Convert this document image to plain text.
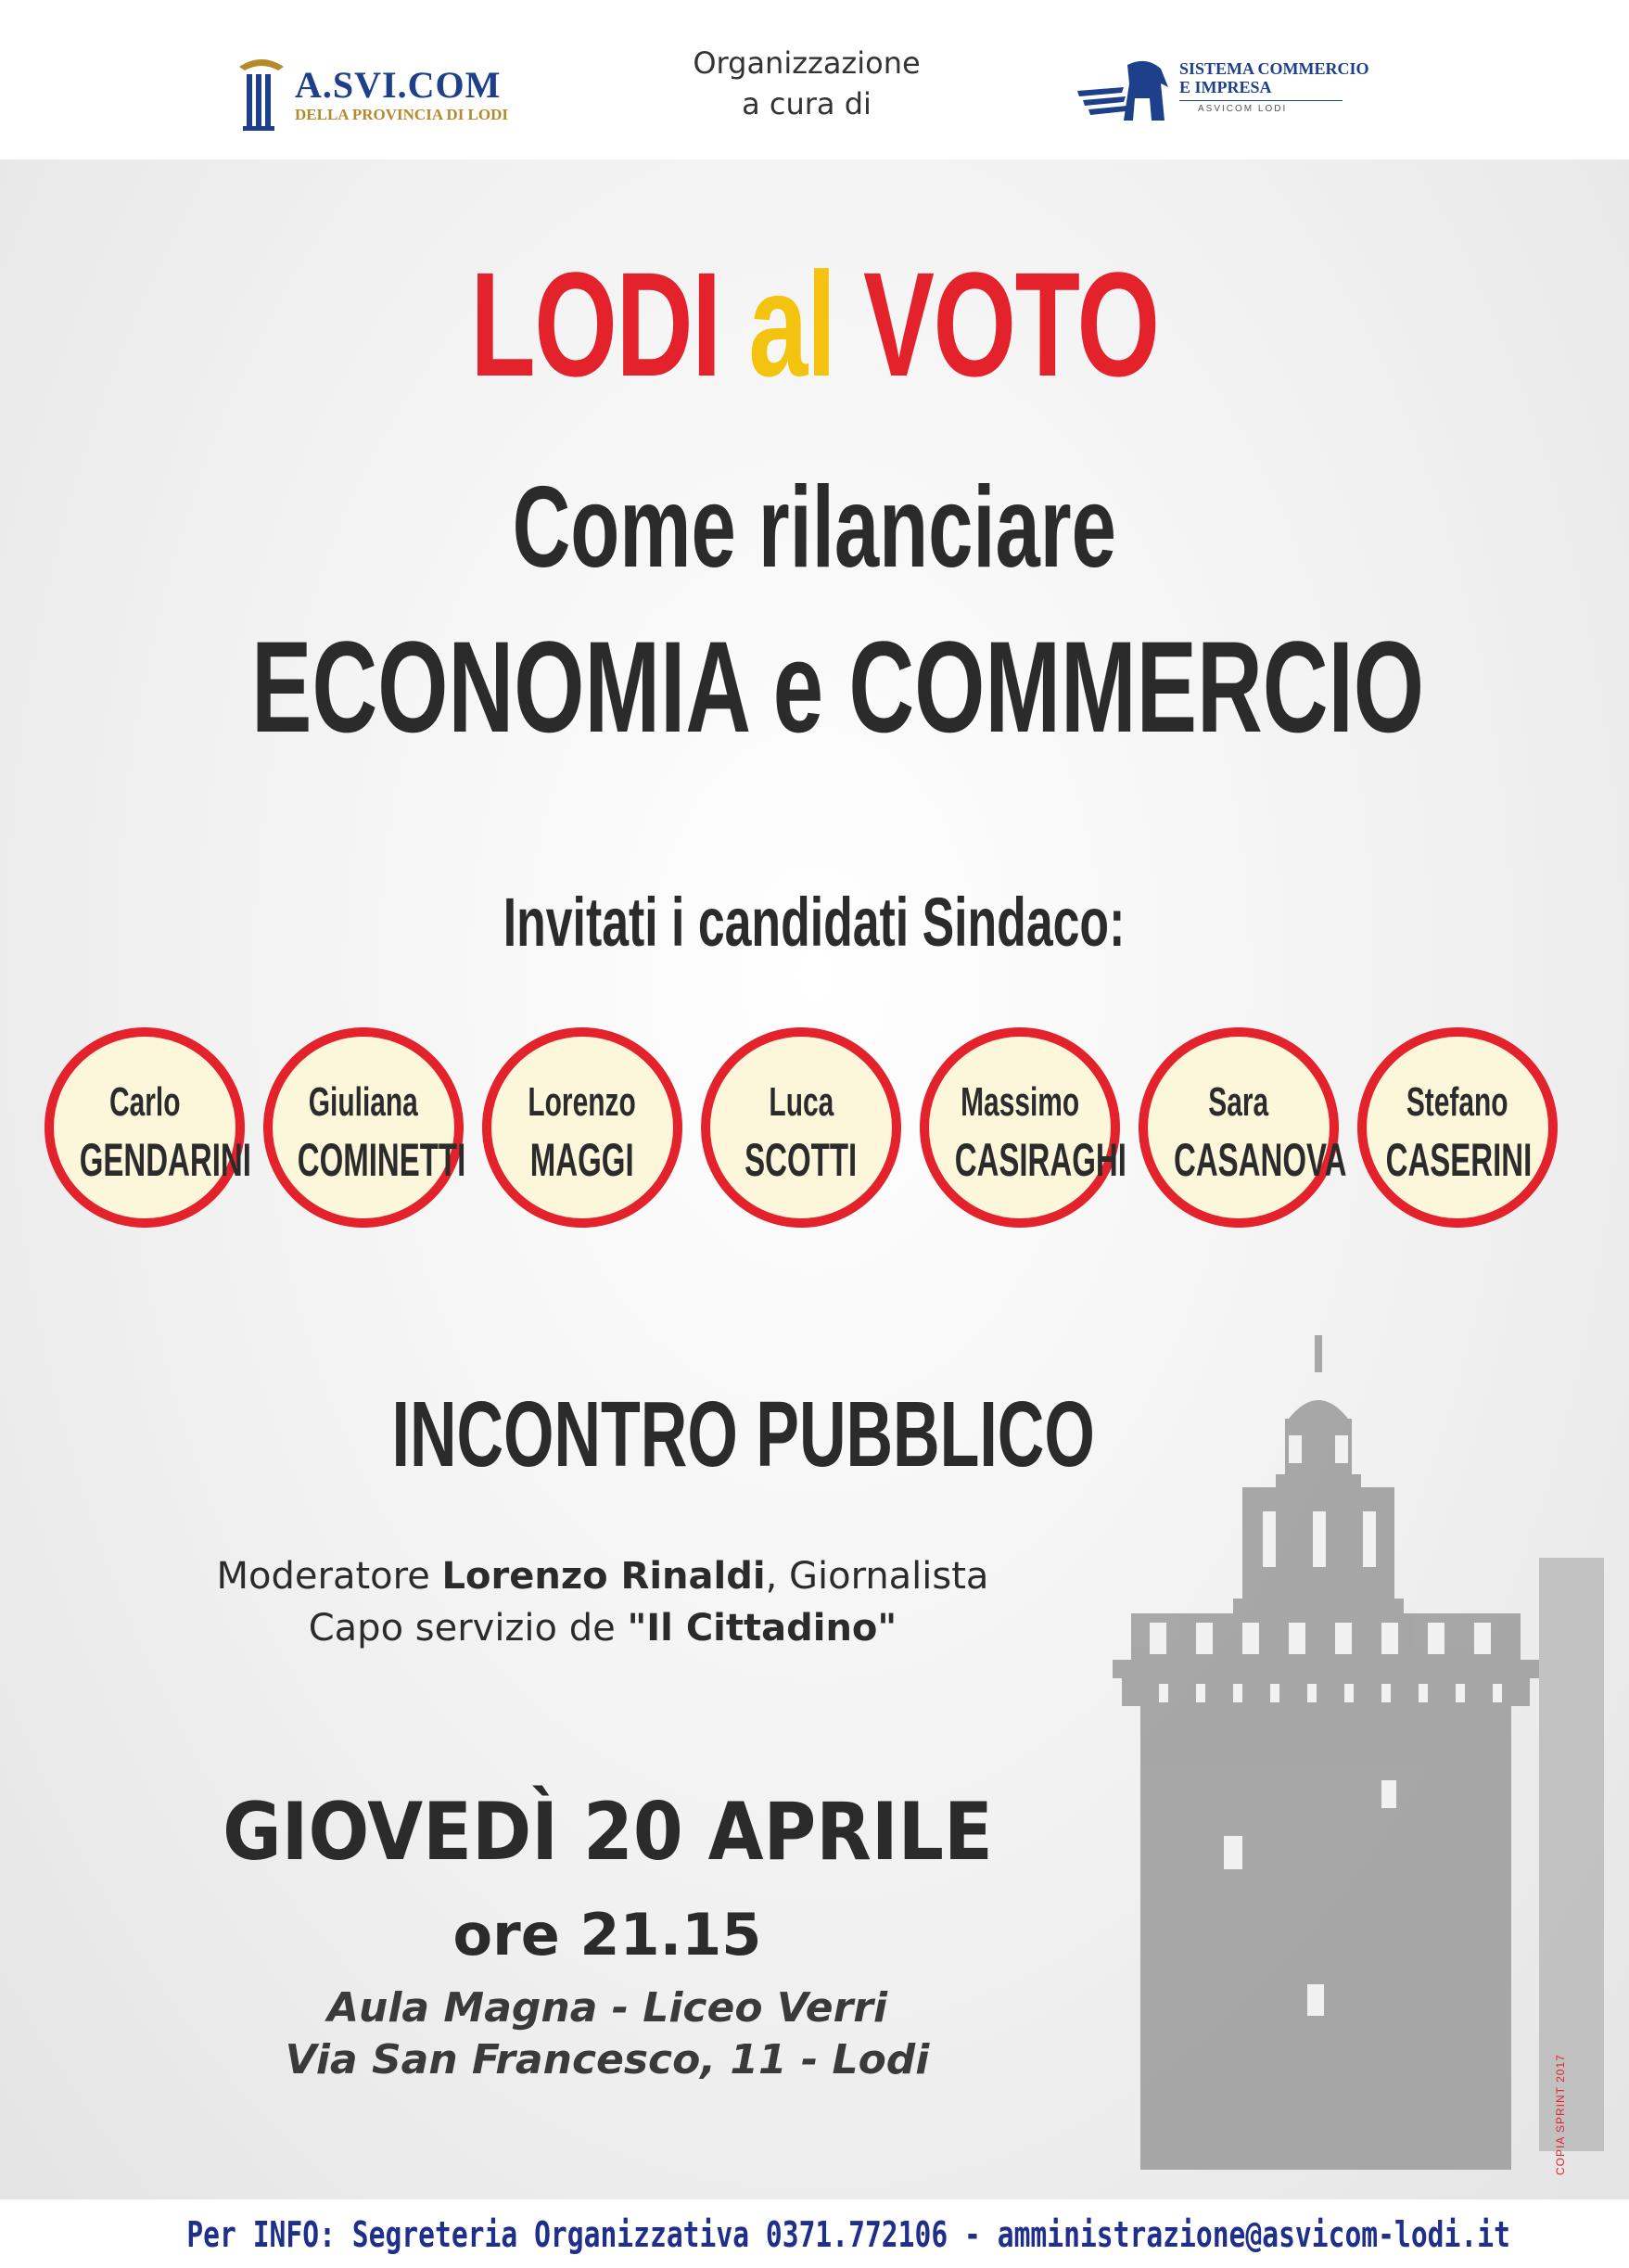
A.SVI.COM
DELLA PROVINCIA DI LODI
Organizzazione
a cura di
SISTEMA COMMERCIO
E IMPRESA
ASVICOM LODI
LODI al VOTO
Come rilanciare
ECONOMIA e COMMERCIO
Invitati i candidati Sindaco:
Carlo
GENDARINI
Giuliana
COMINETTI
Lorenzo
MAGGI
Luca
SCOTTI
Massimo
CASIRAGHI
Sara
CASANOVA
Stefano
CASERINI
COPIA SPRINT 2017
INCONTRO PUBBLICO
Moderatore Lorenzo Rinaldi, Giornalista
Capo servizio de "Il Cittadino"
GIOVEDÌ 20 APRILE
ore 21.15
Aula Magna - Liceo Verri
Via San Francesco, 11 - Lodi
Per INFO: Segreteria Organizzativa 0371.772106 - amministrazione@asvicom-lodi.it
